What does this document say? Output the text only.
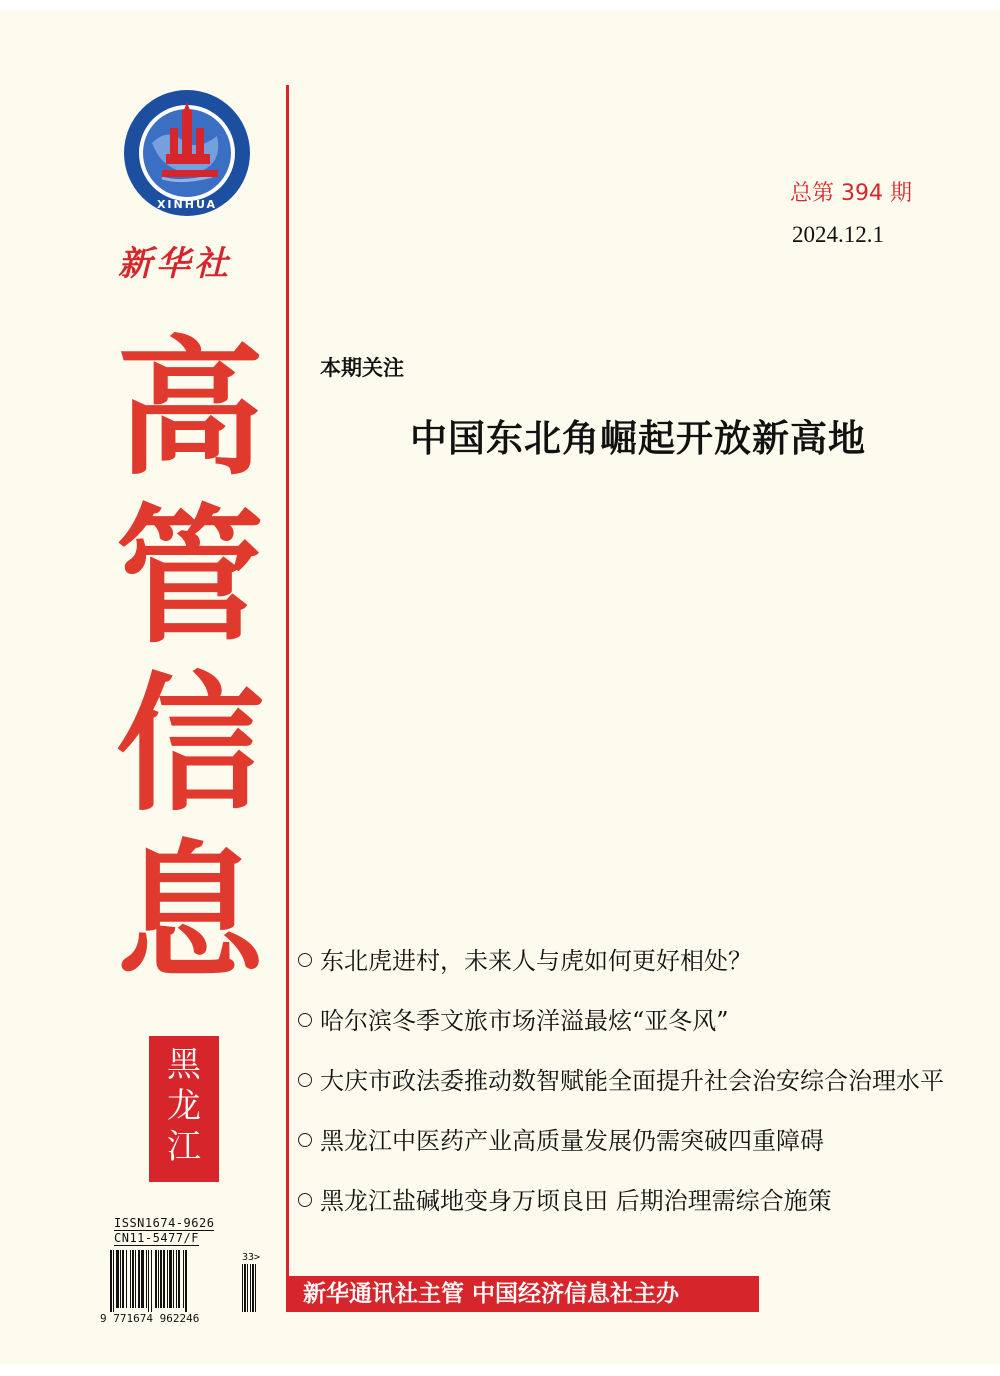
XINHUA
新华社
高
管
信
息
黑
龙
江
ISSN1674-9626
CN11-5477/F
9 771674 962246
33>
总第 394 期
2024.12.1
本期关注
中国东北角崛起开放新高地
东北虎进村，未来人与虎如何更好相处？
哈尔滨冬季文旅市场洋溢最炫“亚冬风”
大庆市政法委推动数智赋能全面提升社会治安综合治理水平
黑龙江中医药产业高质量发展仍需突破四重障碍
黑龙江盐碱地变身万顷良田 后期治理需综合施策
新华通讯社主管 中国经济信息社主办
